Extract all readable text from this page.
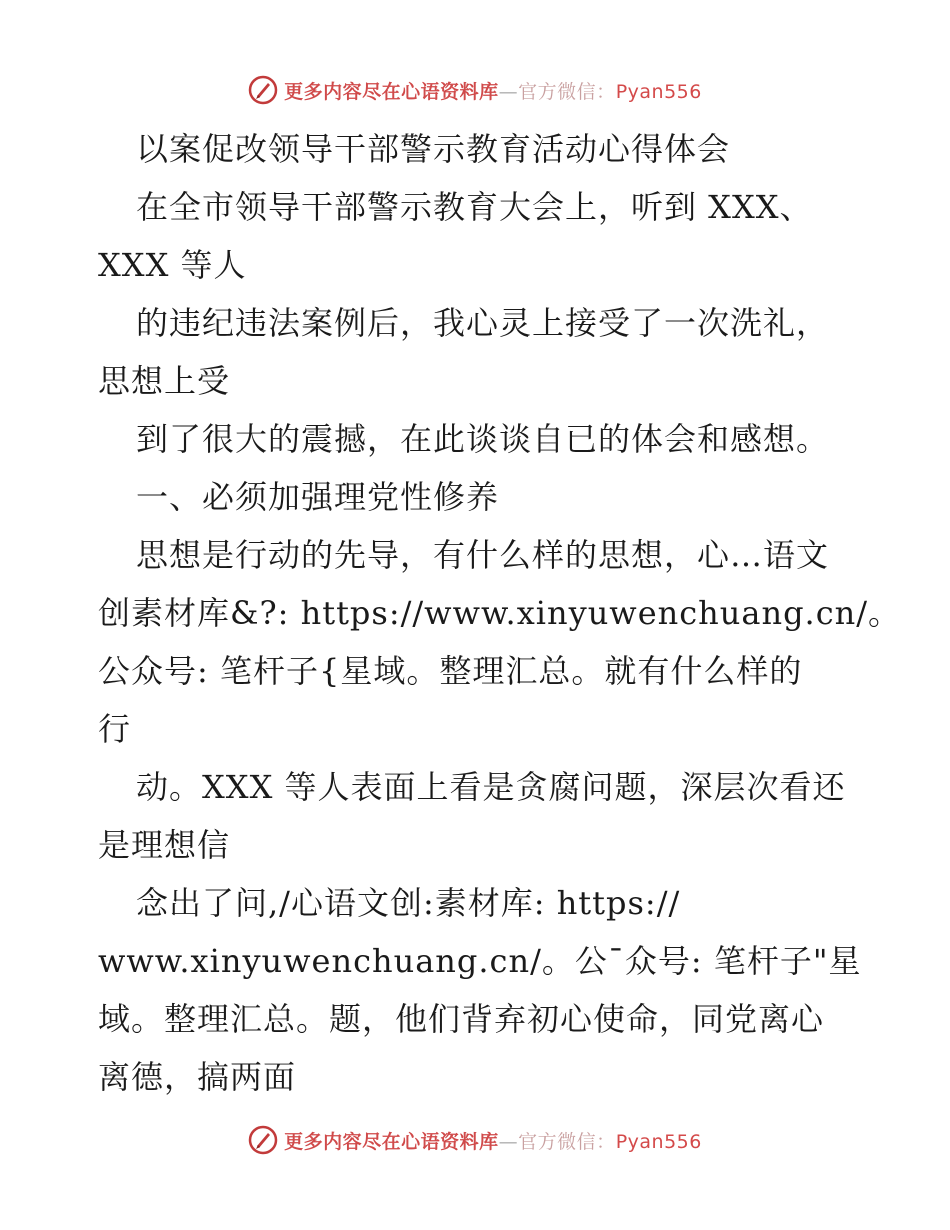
更多内容尽在心语资料库—官方微信：Pyan556
以案促改领导干部警示教育活动心得体会
在全市领导干部警示教育大会上，听到 XXX、
XXX 等人
的违纪违法案例后，我心灵上接受了一次洗礼，
思想上受
到了很大的震撼，在此谈谈自已的体会和感想。
一、必须加强理党性修养
思想是行动的先导，有什么样的思想，心…语文
创素材库&?: https://www.xinyuwenchuang.cn/。
公众号: 笔杆子{星域。整理汇总。就有什么样的
行
动。XXX 等人表面上看是贪腐问题，深层次看还
是理想信
念出了问,/心语文创:素材库: https://
www.xinyuwenchuang.cn/。公¯众号: 笔杆子"星
域。整理汇总。题，他们背弃初心使命，同党离心
离德，搞两面
更多内容尽在心语资料库—官方微信：Pyan556
